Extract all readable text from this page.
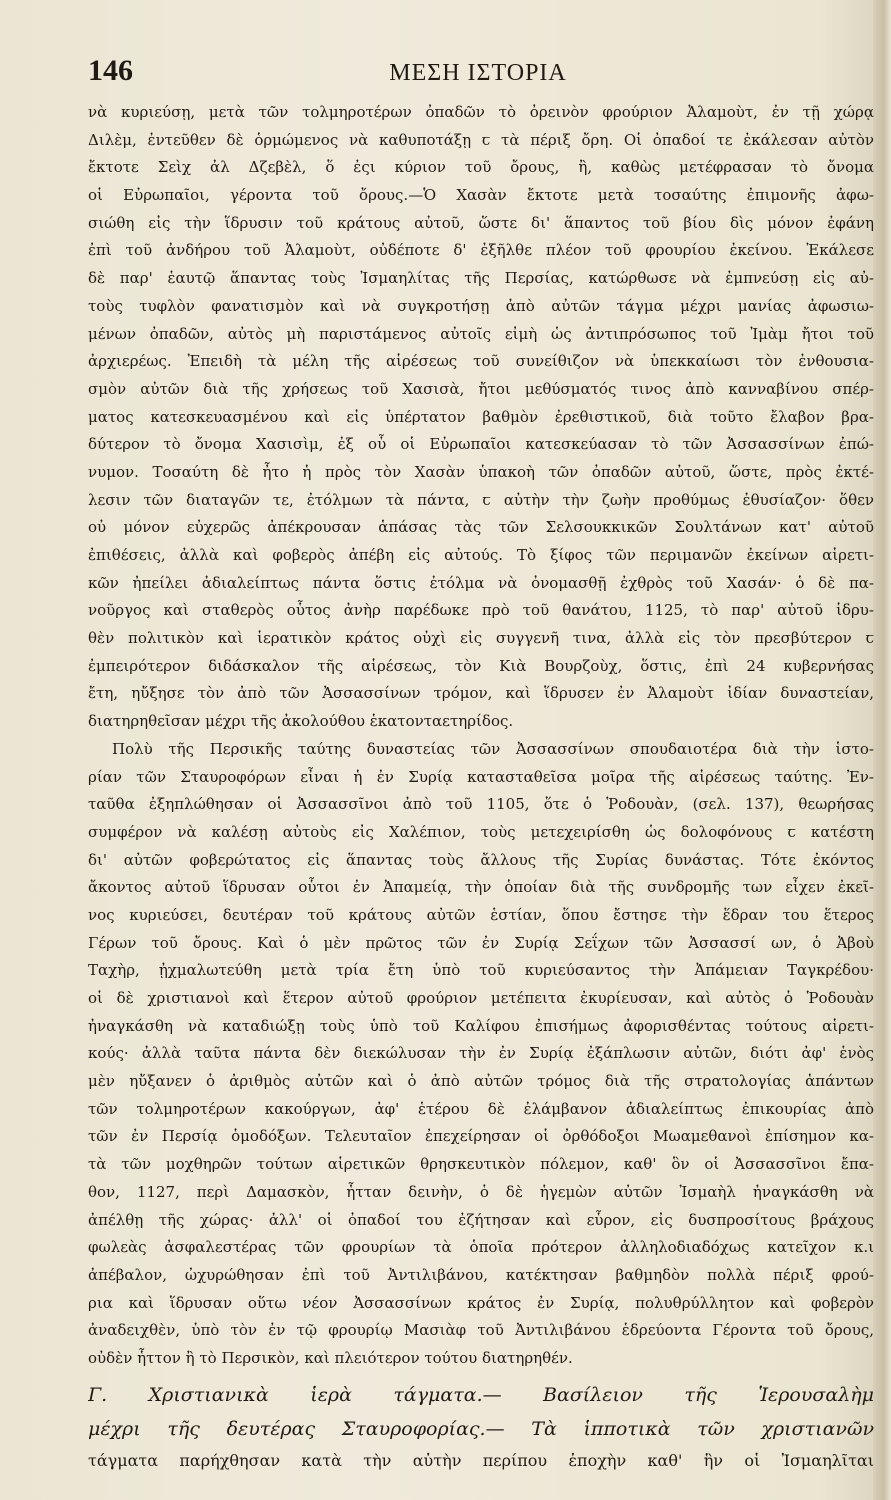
146	ΜΕΣΗ ΙΣΤΟΡΙΑ
νὰ κυριεύσῃ, μετὰ τῶν τολμηροτέρων ὀπαδῶν τὸ ὀρεινὸν φρούριον Ἀλαμοὺτ, ἐν τῇ χώρᾳ
Διλὲμ, ἐντεῦθεν δὲ ὁρμώμενος νὰ καθυποτάξῃ ꞇ τὰ πέριξ ὄρη. Οἱ ὀπαδοί τε ἐκάλεσαν αὐτὸν
ἔκτοτε Σεὶχ ἀλ Δζεβὲλ, ὅ ἐςι κύριον τοῦ ὄρους, ἢ, καθὼς μετέφρασαν τὸ ὄνομα
οἱ Εὐρωπαῖοι, γέροντα τοῦ ὄρους.—Ὁ Χασὰν ἔκτοτε μετὰ τοσαύτης ἐπιμονῆς ἀφω-
σιώθη εἰς τὴν ἵδρυσιν τοῦ κράτους αὐτοῦ, ὥστε δι' ἅπαντος τοῦ βίου δὶς μόνον ἐφάνη
ἐπὶ τοῦ ἀνδήρου τοῦ Ἀλαμοὺτ, οὐδέποτε δ' ἐξῆλθε πλέον τοῦ φρουρίου ἐκείνου. Ἐκάλεσε
δὲ παρ' ἑαυτῷ ἅπαντας τοὺς Ἰσμαηλίτας τῆς Περσίας, κατώρθωσε νὰ ἐμπνεύσῃ εἰς αὐ-
τοὺς τυφλὸν φανατισμὸν καὶ νὰ συγκροτήσῃ ἀπὸ αὐτῶν τάγμα μέχρι μανίας ἀφωσιω-
μένων ὀπαδῶν, αὐτὸς μὴ παριστάμενος αὐτοῖς εἰμὴ ὡς ἀντιπρόσωπος τοῦ Ἰμὰμ ἤτοι τοῦ
ἀρχιερέως. Ἐπειδὴ τὰ μέλη τῆς αἱρέσεως τοῦ συνείθιζον νὰ ὑπεκκαίωσι τὸν ἐνθουσια-
σμὸν αὐτῶν διὰ τῆς χρήσεως τοῦ Χασισὰ, ἤτοι μεθύσματός τινος ἀπὸ κανναβίνου σπέρ-
ματος κατεσκευασμένου καὶ εἰς ὑπέρτατον βαθμὸν ἐρεθιστικοῦ, διὰ τοῦτο ἔλαβον βρα-
δύτερον τὸ ὄνομα Χασισὶμ, ἐξ οὗ οἱ Εὐρωπαῖοι κατεσκεύασαν τὸ τῶν Ἀσσασσίνων ἐπώ-
νυμον. Τοσαύτη δὲ ἦτο ἡ πρὸς τὸν Χασὰν ὑπακοὴ τῶν ὀπαδῶν αὐτοῦ, ὥστε, πρὸς ἐκτέ-
λεσιν τῶν διαταγῶν τε, ἐτόλμων τὰ πάντα, ꞇ αὐτὴν τὴν ζωὴν προθύμως ἐθυσίαζον· ὅθεν
οὐ μόνον εὐχερῶς ἀπέκρουσαν ἁπάσας τὰς τῶν Σελσουκκικῶν Σουλτάνων κατ' αὐτοῦ
ἐπιθέσεις, ἀλλὰ καὶ φοβερὸς ἀπέβη εἰς αὐτούς. Τὸ ξίφος τῶν περιμανῶν ἐκείνων αἱρετι-
κῶν ἠπείλει ἀδιαλείπτως πάντα ὅστις ἐτόλμα νὰ ὀνομασθῇ ἐχθρὸς τοῦ Χασάν· ὁ δὲ πα-
νοῦργος καὶ σταθερὸς οὗτος ἀνὴρ παρέδωκε πρὸ τοῦ θανάτου, 1125, τὸ παρ' αὐτοῦ ἱδρυ-
θὲν πολιτικὸν καὶ ἱερατικὸν κράτος οὐχὶ εἰς συγγενῆ τινα, ἀλλὰ εἰς τὸν πρεσβύτερον ꞇ
ἐμπειρότερον διδάσκαλον τῆς αἱρέσεως, τὸν Κιὰ Βουρζοὺχ, ὅστις, ἐπὶ 24 κυβερνήσας
ἔτη, ηὔξησε τὸν ἀπὸ τῶν Ἀσσασσίνων τρόμον, καὶ ἵδρυσεν ἐν Ἀλαμοὺτ ἰδίαν δυναστείαν,
διατηρηθεῖσαν μέχρι τῆς ἀκολούθου ἑκατονταετηρίδος.
Πολὺ τῆς Περσικῆς ταύτης δυναστείας τῶν Ἀσσασσίνων σπουδαιοτέρα διὰ τὴν ἱστο-
ρίαν τῶν Σταυροφόρων εἶναι ἡ ἐν Συρίᾳ κατασταθεῖσα μοῖρα τῆς αἱρέσεως ταύτης. Ἐν-
ταῦθα ἐξηπλώθησαν οἱ Ἀσσασσῖνοι ἀπὸ τοῦ 1105, ὅτε ὁ Ῥοδουὰν, (σελ. 137), θεωρήσας
συμφέρον νὰ καλέσῃ αὐτοὺς εἰς Χαλέπιον, τοὺς μετεχειρίσθη ὡς δολοφόνους ꞇ κατέστη
δι' αὐτῶν φοβερώτατος εἰς ἅπαντας τοὺς ἄλλους τῆς Συρίας δυνάστας. Τότε ἐκόντος
ἄκοντος αὐτοῦ ἵδρυσαν οὗτοι ἐν Ἀπαμείᾳ, τὴν ὁποίαν διὰ τῆς συνδρομῆς των εἶχεν ἐκεῖ-
νος κυριεύσει, δευτέραν τοῦ κράτους αὐτῶν ἑστίαν, ὅπου ἔστησε τὴν ἕδραν του ἕτερος
Γέρων τοῦ ὄρους. Καὶ ὁ μὲν πρῶτος τῶν ἐν Συρίᾳ Σεΐχων τῶν Ἀσσασσί ων, ὁ Ἀβοὺ
Ταχὴρ, ᾐχμαλωτεύθη μετὰ τρία ἔτη ὑπὸ τοῦ κυριεύσαντος τὴν Ἀπάμειαν Ταγκρέδου·
οἱ δὲ χριστιανοὶ καὶ ἕτερον αὐτοῦ φρούριον μετέπειτα ἐκυρίευσαν, καὶ αὐτὸς ὁ Ῥοδουὰν
ἠναγκάσθη νὰ καταδιώξῃ τοὺς ὑπὸ τοῦ Καλίφου ἐπισήμως ἀφορισθέντας τούτους αἱρετι-
κούς· ἀλλὰ ταῦτα πάντα δὲν διεκώλυσαν τὴν ἐν Συρίᾳ ἐξάπλωσιν αὐτῶν, διότι ἀφ' ἑνὸς
μὲν ηὔξανεν ὁ ἀριθμὸς αὐτῶν καὶ ὁ ἀπὸ αὐτῶν τρόμος διὰ τῆς στρατολογίας ἁπάντων
τῶν τολμηροτέρων κακούργων, ἀφ' ἑτέρου δὲ ἐλάμβανον ἀδιαλείπτως ἐπικουρίας ἀπὸ
τῶν ἐν Περσίᾳ ὁμοδόξων. Τελευταῖον ἐπεχείρησαν οἱ ὀρθόδοξοι Μωαμεθανοὶ ἐπίσημον κα-
τὰ τῶν μοχθηρῶν τούτων αἱρετικῶν θρησκευτικὸν πόλεμον, καθ' ὃν οἱ Ἀσσασσῖνοι ἔπα-
θον, 1127, περὶ Δαμασκὸν, ἧτταν δεινὴν, ὁ δὲ ἡγεμὼν αὐτῶν Ἰσμαὴλ ἠναγκάσθη νὰ
ἀπέλθῃ τῆς χώρας· ἀλλ' οἱ ὀπαδοί του ἐζήτησαν καὶ εὗρον, εἰς δυσπροσίτους βράχους
φωλεὰς ἀσφαλεστέρας τῶν φρουρίων τὰ ὁποῖα πρότερον ἀλληλοδιαδόχως κατεῖχον κ.ι
ἀπέβαλον, ὠχυρώθησαν ἐπὶ τοῦ Ἀντιλιβάνου, κατέκτησαν βαθμηδὸν πολλὰ πέριξ φρού-
ρια καὶ ἵδρυσαν οὕτω νέον Ἀσσασσίνων κράτος ἐν Συρίᾳ, πολυθρύλλητον καὶ φοβερὸν
ἀναδειχθὲν, ὑπὸ τὸν ἐν τῷ φρουρίῳ Μασιὰφ τοῦ Ἀντιλιβάνου ἑδρεύοντα Γέροντα τοῦ ὄρους,
οὐδὲν ἧττον ἢ τὸ Περσικὸν, καὶ πλειότερον τούτου διατηρηθέν.
Γ. Χριστιανικὰ ἱερὰ τάγματα.— Βασίλειον τῆς Ἱερουσαλὴμ
μέχρι τῆς δευτέρας Σταυροφορίας.— Τὰ ἱπποτικὰ τῶν χριστιανῶν
τάγματα παρήχθησαν κατὰ τὴν αὐτὴν περίπου ἐποχὴν καθ' ἣν οἱ Ἰσμαηλῖται
